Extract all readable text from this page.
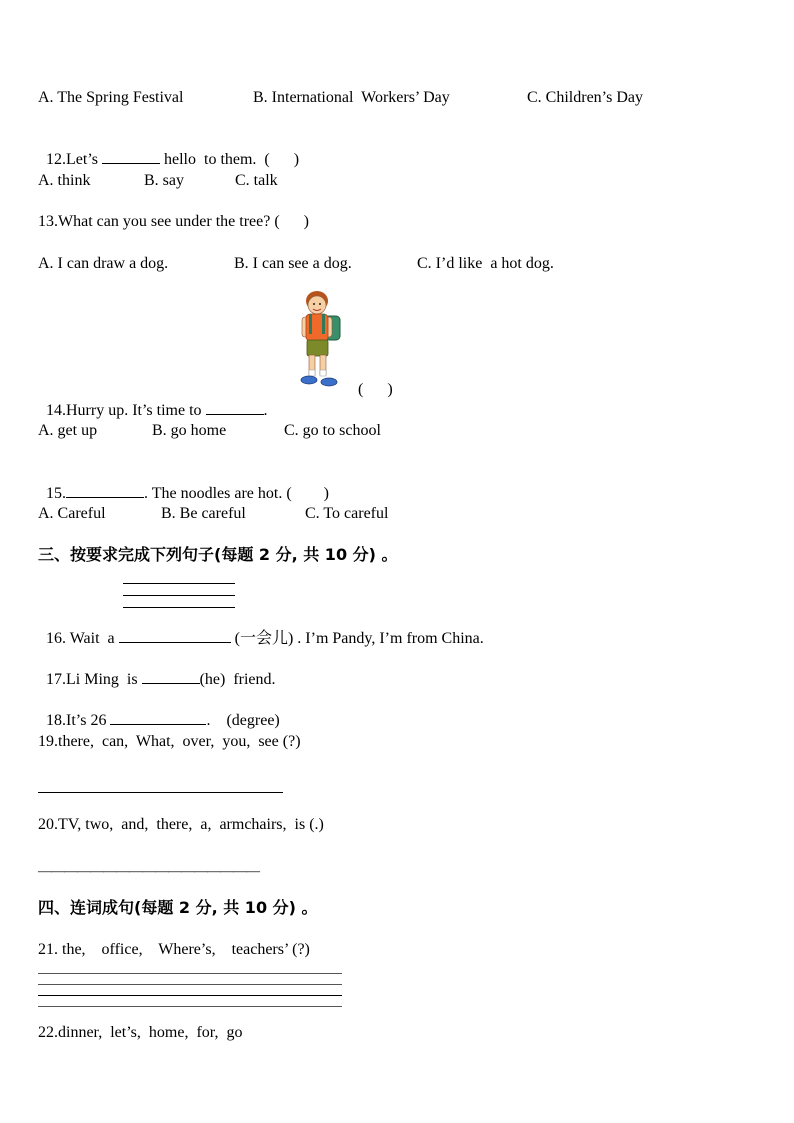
A. The Spring Festival	B. International  Workers’ Day	C. Children’s Day

12.Let’s	hello  to them.  (      )

A. think	B. say	C. talk
13.What can you see under the tree? (      )
A. I can draw a dog.	B. I can see a dog.	C. I’d like  a hot dog.

14.Hurry up. It’s time to	.

(      )
A. get up	B. go home	C. go to school

15.	. The noodles are hot. (        )

A. Careful	B. Be careful	C. To careful
三、按要求完成下列句子(每题 2 分, 共 10 分) 。

16. Wait  a	(一会儿) . I’m Pandy, I’m from China.

17.Li Ming  is	(he)  friend.

18.It’s 26	.    (degree)

19.there,  can,  What,  over,  you,  see (?)
20.TV, two,  and,  there,  a,  armchairs,  is (.)
—————————————————
四、连词成句(每题 2 分, 共 10 分) 。
21. the,    office,    Where’s,    teachers’ (?)
22.dinner,  let’s,  home,  for,  go
